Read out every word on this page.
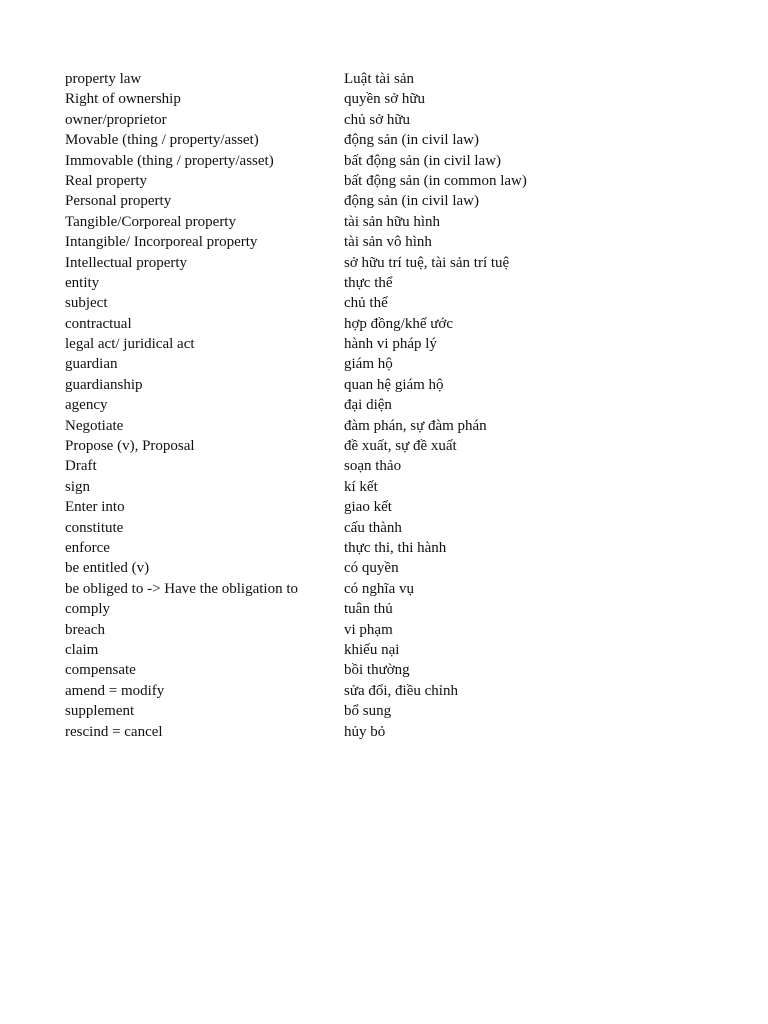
property law	Luật tài sản
Right of ownership	quyền sở hữu
owner/proprietor	chủ sở hữu
Movable (thing / property/asset)	động sản (in civil law)
Immovable (thing / property/asset)	bất động sản (in civil law)
Real property	bất động sản (in common law)
Personal property	động sản (in civil law)
Tangible/Corporeal property	tài sản hữu hình
Intangible/ Incorporeal property	tài sản vô hình
Intellectual property	sở hữu trí tuệ, tài sản trí tuệ
entity	thực thể
subject	chủ thể
contractual	hợp đồng/khế ước
legal act/ juridical act	hành vi pháp lý
guardian	giám hộ
guardianship	quan hệ giám hộ
agency	đại diện
Negotiate	đàm phán, sự đàm phán
Propose (v), Proposal	đề xuất, sự đề xuất
Draft	soạn thảo
sign	kí kết
Enter into	giao kết
constitute	cấu thành
enforce	thực thi, thi hành
be entitled (v)	có quyền
be obliged to -> Have the obligation to	có nghĩa vụ
comply	tuân thủ
breach	vi phạm
claim	khiếu nại
compensate	bồi thường
amend = modify	sửa đổi, điều chỉnh
supplement	bổ sung
rescind = cancel	hủy bỏ
